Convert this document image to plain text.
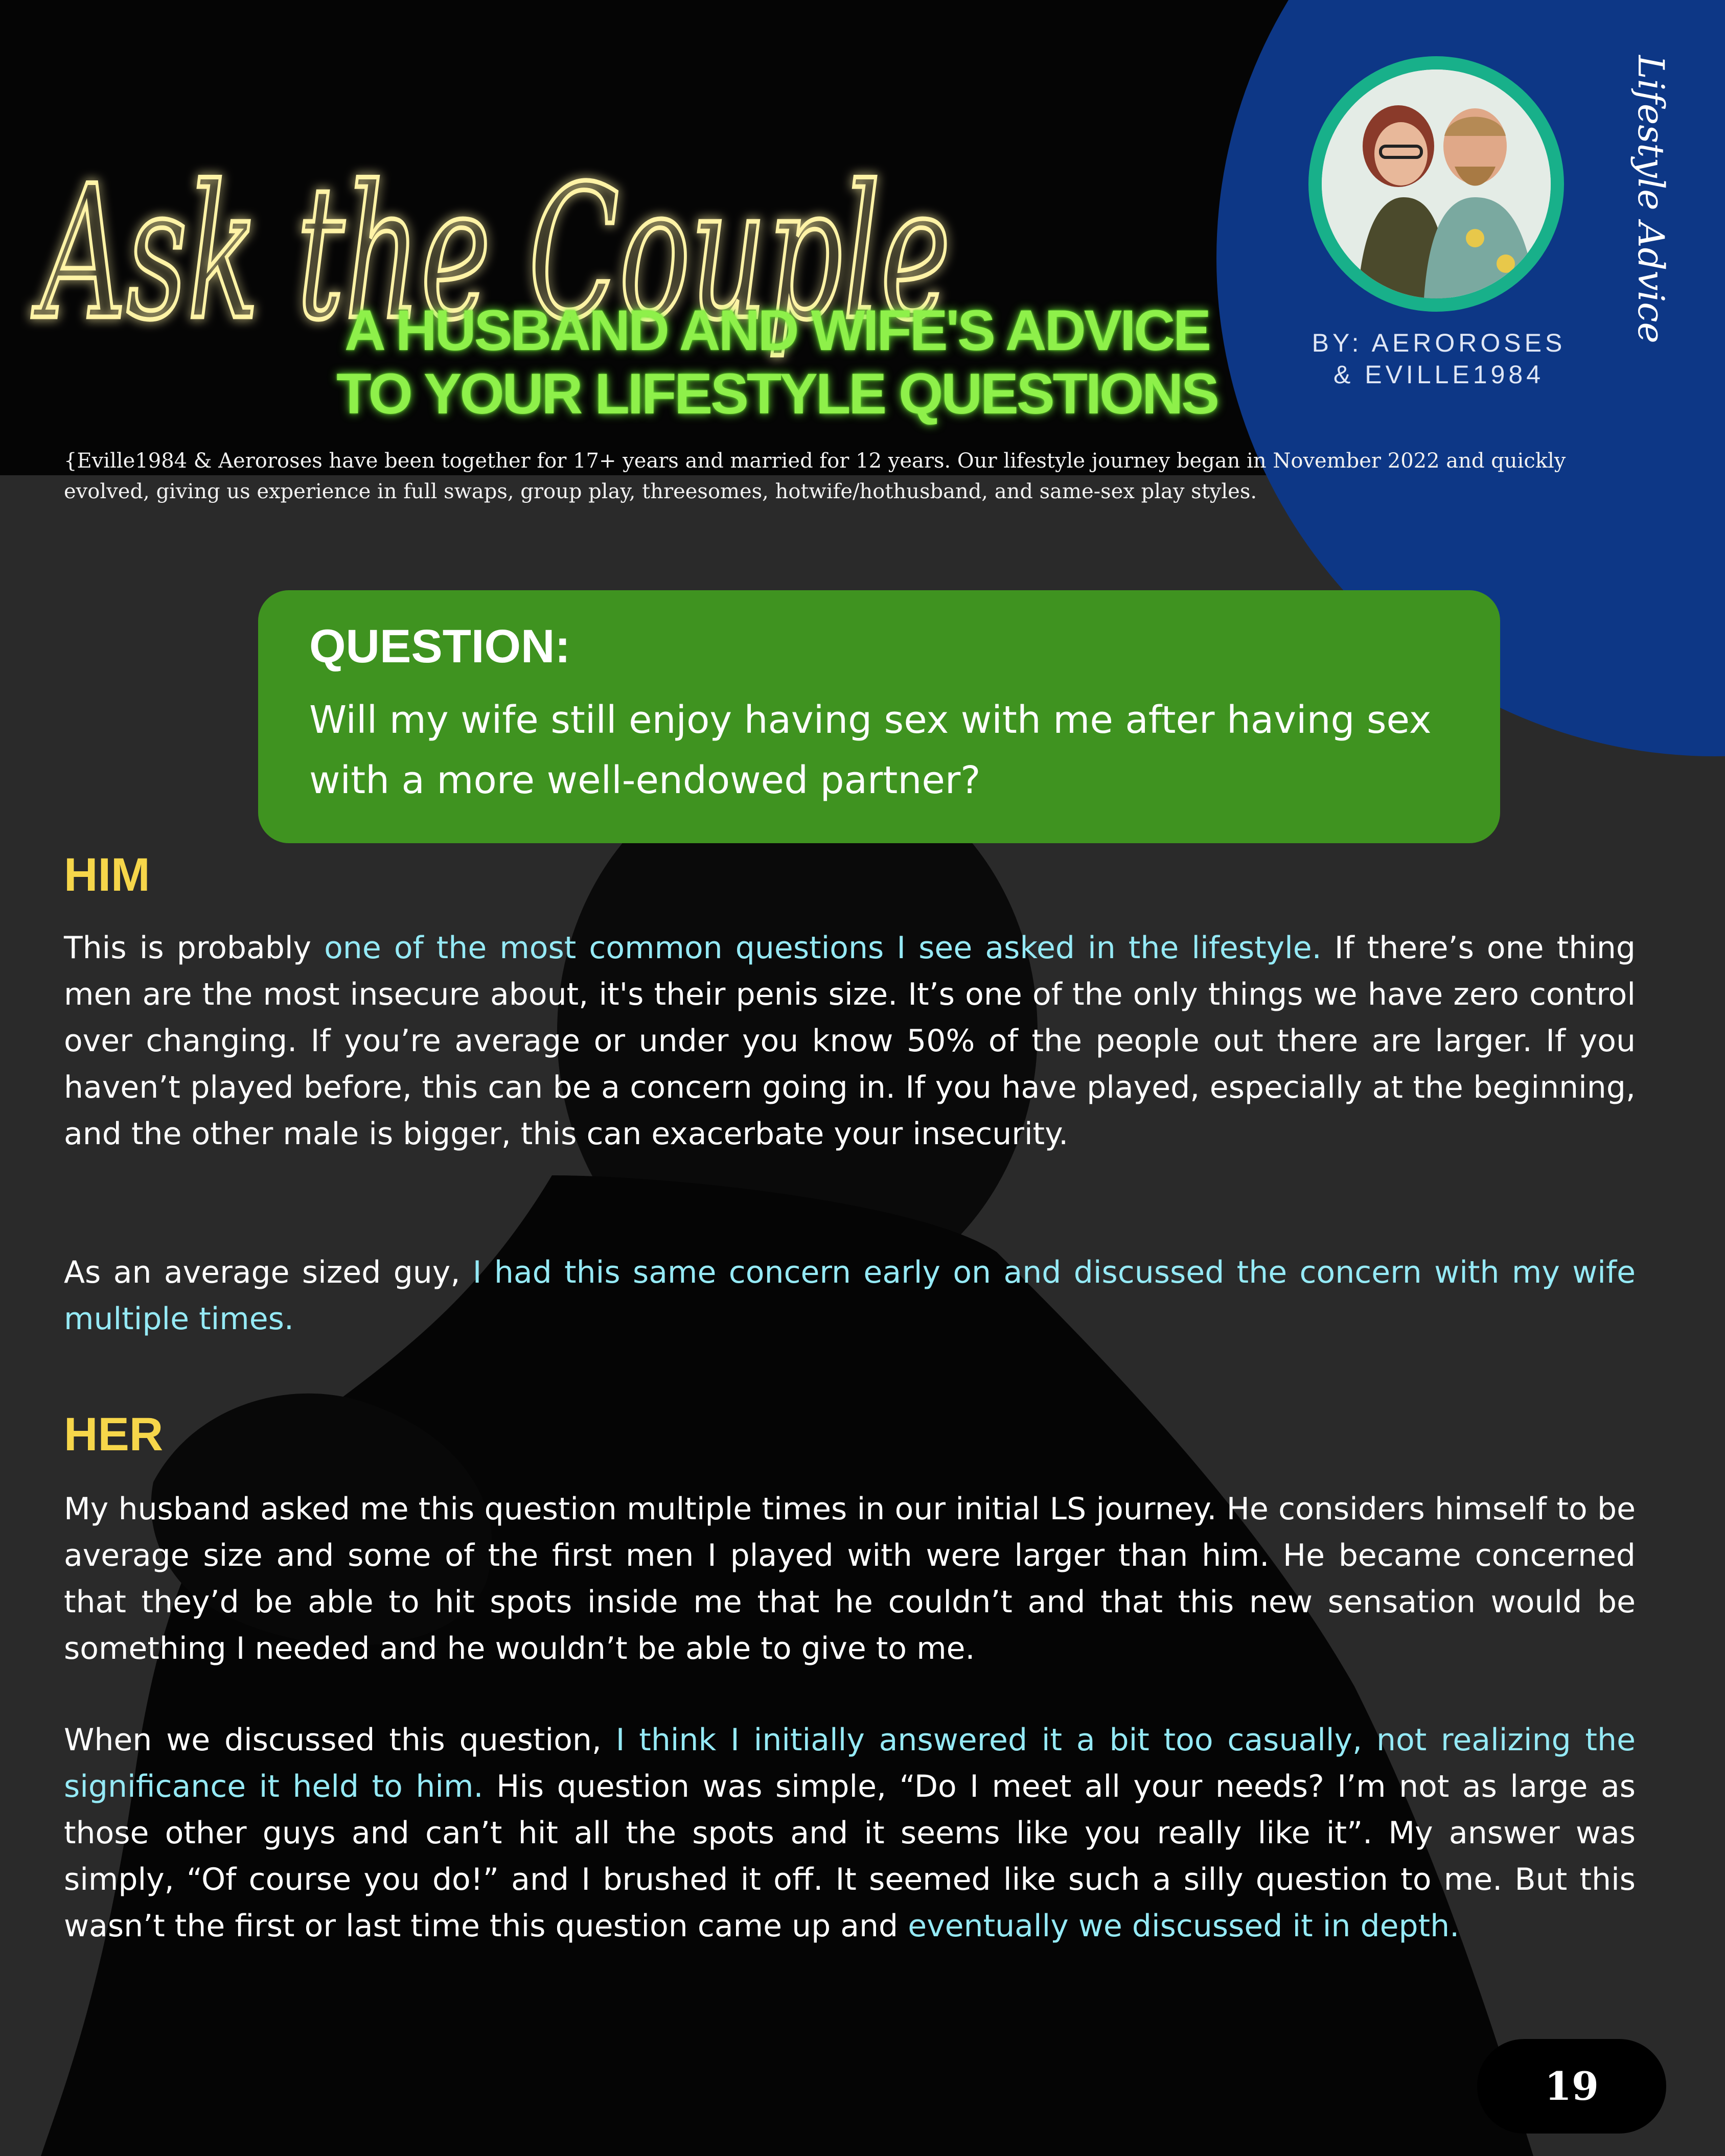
Ask the Couple
A HUSBAND AND WIFE'S ADVICE
TO YOUR LIFESTYLE QUESTIONS
BY: AEROROSES
& EVILLE1984
Lifestyle Advice
{Eville1984 & Aeroroses have been together for 17+ years and married for 12 years. Our lifestyle journey began in November 2022 and quickly evolved, giving us experience in full swaps, group play, threesomes, hotwife/hothusband, and same-sex play styles.
QUESTION:
Will my wife still enjoy having sex with me after having sex with a more well-endowed partner?
HIM
This is probably one of the most common questions I see asked in the lifestyle. If there’s one thing men are the most insecure about, it's their penis size. It’s one of the only things we have zero control over changing. If you’re average or under you know 50% of the people out there are larger. If you haven’t played before, this can be a concern going in. If you have played, especially at the beginning, and the other male is bigger, this can exacerbate your insecurity.
As an average sized guy, I had this same concern early on and discussed the concern with my wife multiple times.
HER
My husband asked me this question multiple times in our initial LS journey. He considers himself to be average size and some of the first men I played with were larger than him. He became concerned that they’d be able to hit spots inside me that he couldn’t and that this new sensation would be something I needed and he wouldn’t be able to give to me.
When we discussed this question, I think I initially answered it a bit too casually, not realizing the significance it held to him. His question was simple, “Do I meet all your needs? I’m not as large as those other guys and can’t hit all the spots and it seems like you really like it”. My answer was simply, “Of course you do!” and I brushed it off. It seemed like such a silly question to me. But this wasn’t the first or last time this question came up and eventually we discussed it in depth.
19
